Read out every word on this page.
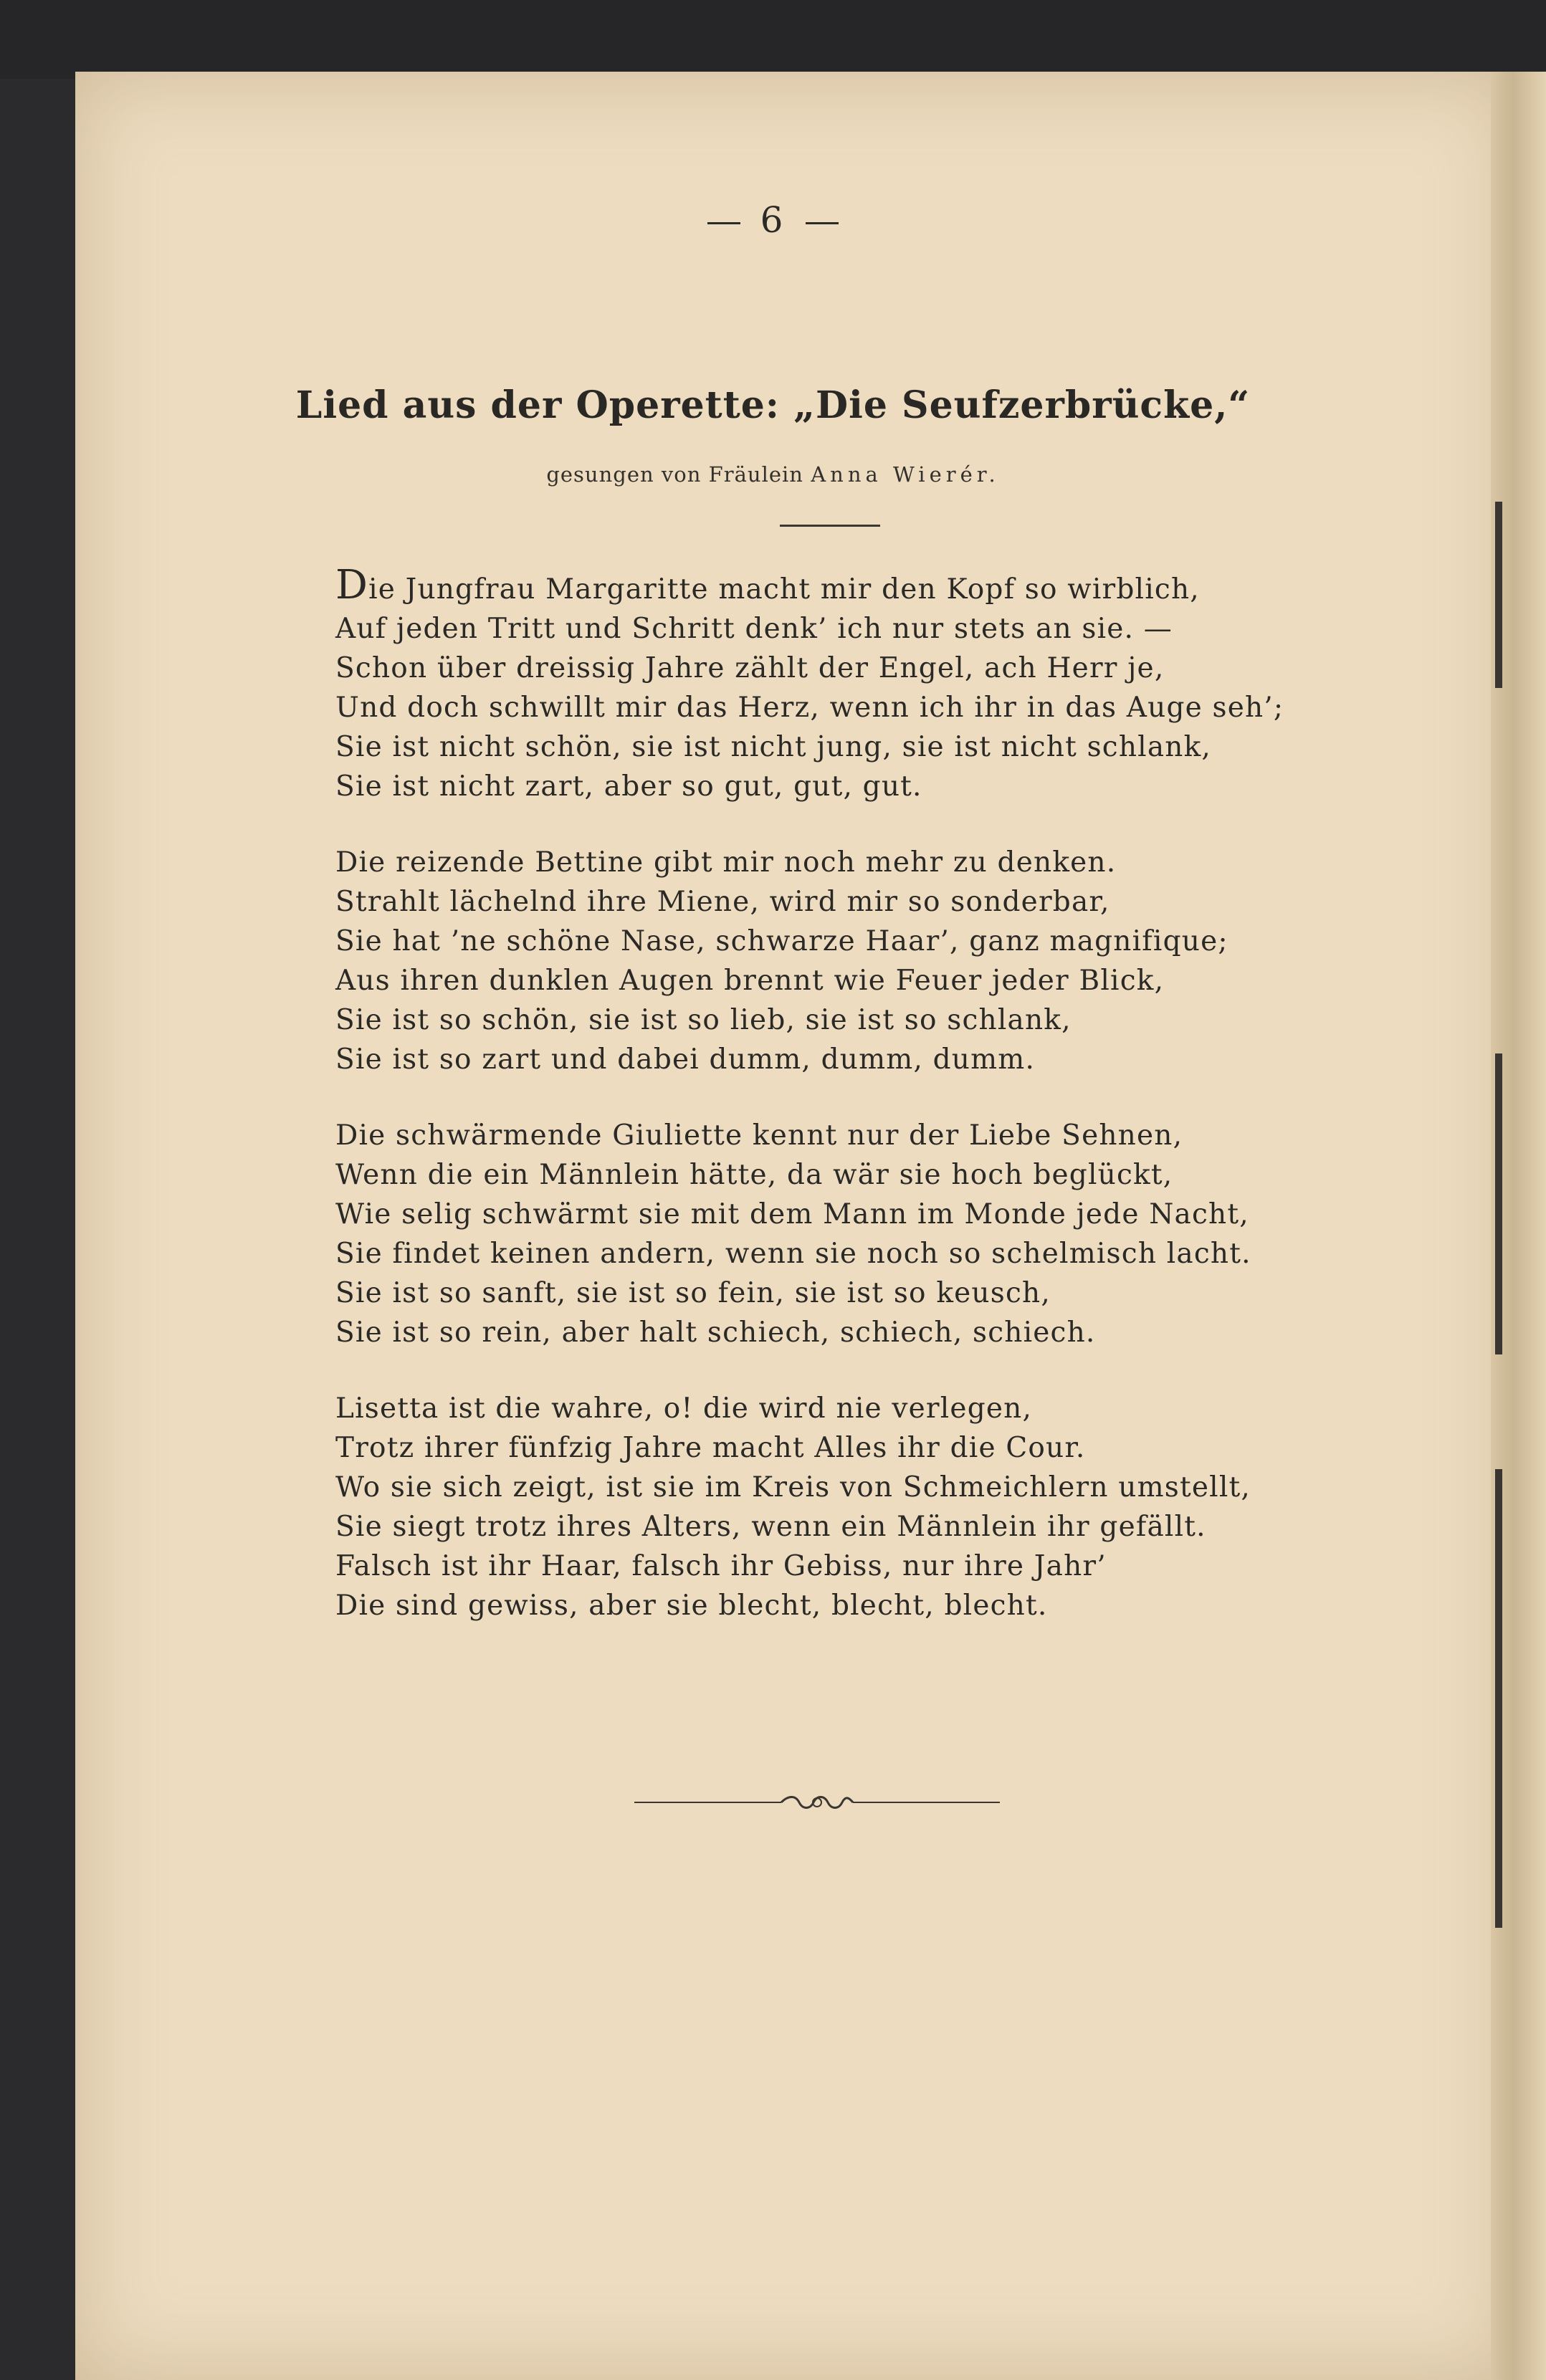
6
Lied aus der Operette: „Die Seufzerbrücke,“
gesungen von Fräulein Anna Wierér.
Die Jungfrau Margaritte macht mir den Kopf so wirblich,
Auf jeden Tritt und Schritt denk’ ich nur stets an sie. —
Schon über dreissig Jahre zählt der Engel, ach Herr je,
Und doch schwillt mir das Herz, wenn ich ihr in das Auge seh’;
Sie ist nicht schön, sie ist nicht jung, sie ist nicht schlank,
Sie ist nicht zart, aber so gut, gut, gut.
Die reizende Bettine gibt mir noch mehr zu denken.
Strahlt lächelnd ihre Miene, wird mir so sonderbar,
Sie hat ’ne schöne Nase, schwarze Haar’, ganz magnifique;
Aus ihren dunklen Augen brennt wie Feuer jeder Blick,
Sie ist so schön, sie ist so lieb, sie ist so schlank,
Sie ist so zart und dabei dumm, dumm, dumm.
Die schwärmende Giuliette kennt nur der Liebe Sehnen,
Wenn die ein Männlein hätte, da wär sie hoch beglückt,
Wie selig schwärmt sie mit dem Mann im Monde jede Nacht,
Sie findet keinen andern, wenn sie noch so schelmisch lacht.
Sie ist so sanft, sie ist so fein, sie ist so keusch,
Sie ist so rein, aber halt schiech, schiech, schiech.
Lisetta ist die wahre, o! die wird nie verlegen,
Trotz ihrer fünfzig Jahre macht Alles ihr die Cour.
Wo sie sich zeigt, ist sie im Kreis von Schmeichlern umstellt,
Sie siegt trotz ihres Alters, wenn ein Männlein ihr gefällt.
Falsch ist ihr Haar, falsch ihr Gebiss, nur ihre Jahr’
Die sind gewiss, aber sie blecht, blecht, blecht.
